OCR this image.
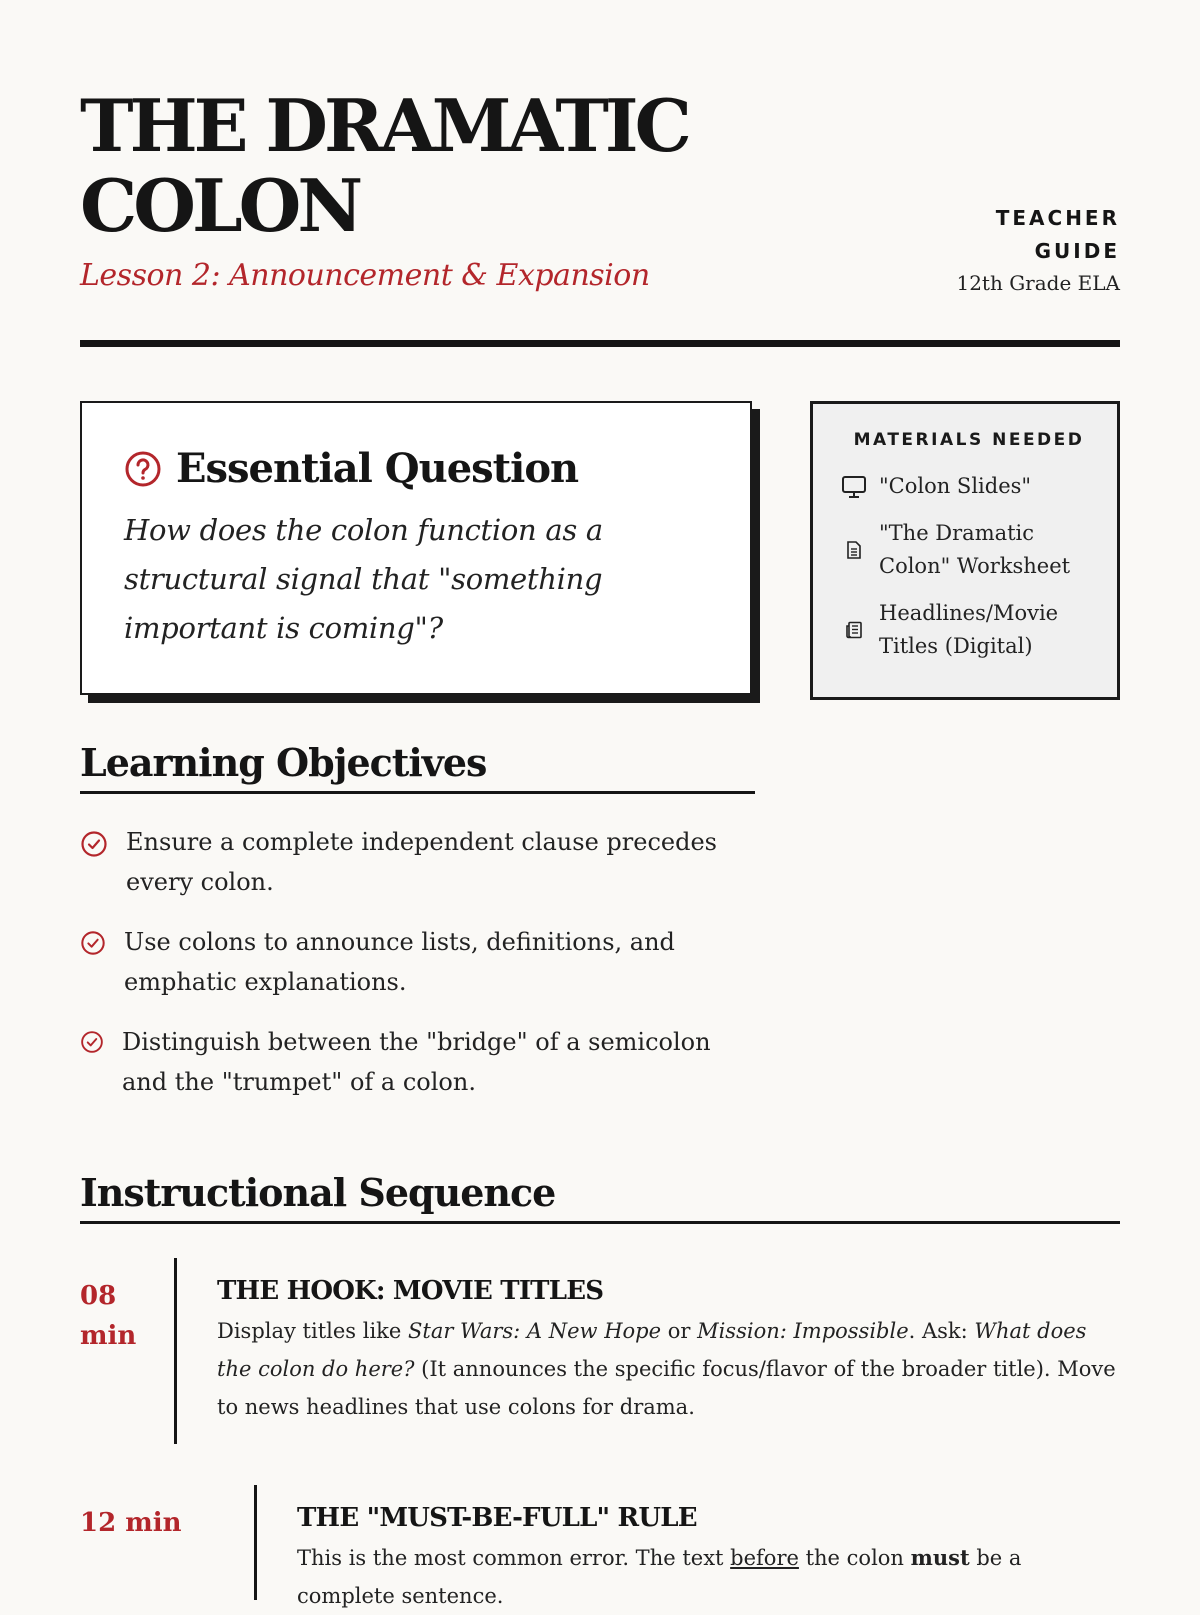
THE DRAMATIC COLON
Lesson 2: Announcement & Expansion
TEACHER GUIDE
12th Grade ELA
Essential Question
How does the colon function as a structural signal that "something important is coming"?
MATERIALS NEEDED
"Colon Slides"
"The Dramatic Colon" Worksheet
Headlines/Movie Titles (Digital)
Learning Objectives
Ensure a complete independent clause precedes every colon.
Use colons to announce lists, definitions, and emphatic explanations.
Distinguish between the "bridge" of a semicolon and the "trumpet" of a colon.
Instructional Sequence
08 min
THE HOOK: MOVIE TITLES
Display titles like Star Wars: A New Hope or Mission: Impossible. Ask: What does the colon do here? (It announces the specific focus/flavor of the broader title). Move to news headlines that use colons for drama.
12 min	THE "MUST-BE-FULL" RULE
This is the most common error. The text before the colon must be a complete sentence.
